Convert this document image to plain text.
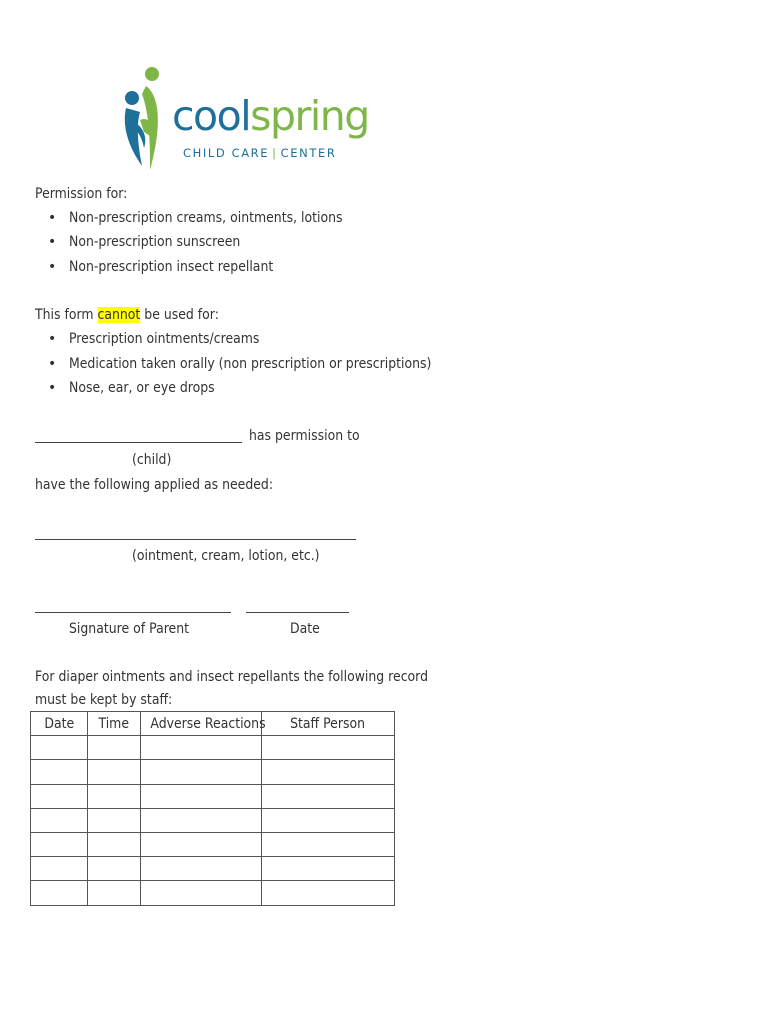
coolspring
CHILD CARE | CENTER
Permission for:
• Non-prescription creams, ointments, lotions
• Non-prescription sunscreen
• Non-prescription insect repellant
This form cannot be used for:
• Prescription ointments/creams
• Medication taken orally (non prescription or prescriptions)
• Nose, ear, or eye drops
has permission to
(child)
have the following applied as needed:
(ointment, cream, lotion, etc.)
Signature of Parent	Date
For diaper ointments and insect repellants the following record
must be kept by staff:
Date	Time	Adverse Reactions	Staff Person
